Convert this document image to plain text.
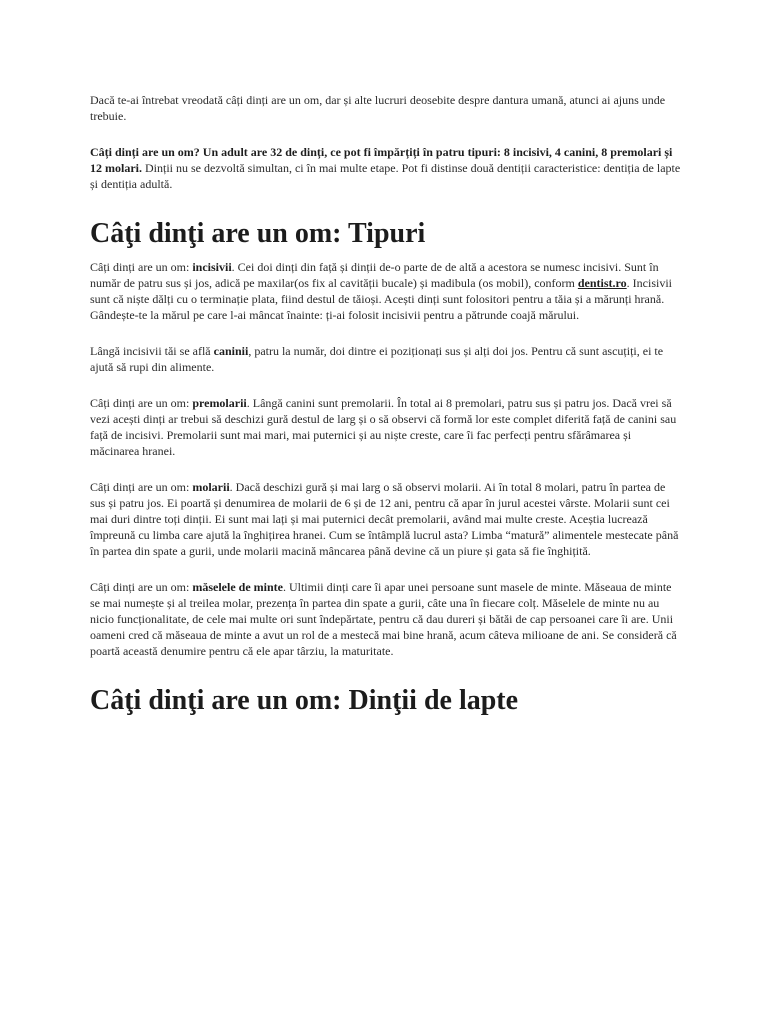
Dacă te-ai întrebat vreodată câți dinți are un om, dar și alte lucruri deosebite despre dantura umană, atunci ai ajuns unde trebuie.

Câți dinți are un om? Un adult are 32 de dinți, ce pot fi împărțiți în patru tipuri: 8 incisivi, 4 canini, 8 premolari și 12 molari. Dinții nu se dezvoltă simultan, ci în mai multe etape. Pot fi distinse două dentiții caracteristice: dentiția de lapte și dentiția adultă.

Câţi dinţi are un om: Tipuri

Câți dinți are un om: incisivii. Cei doi dinți din față și dinții de-o parte de de altă a acestora se numesc incisivi. Sunt în număr de patru sus și jos, adică pe maxilar(os fix al cavității bucale) și madibula (os mobil), conform dentist.ro. Incisivii sunt că niște dălți cu o terminație plata, fiind destul de tăioși. Acești dinți sunt folositori pentru a tăia și a mărunți hrană. Gândește-te la mărul pe care l-ai mâncat înainte: ți-ai folosit incisivii pentru a pătrunde coajă mărului.

Lângă incisivii tăi se află caninii, patru la număr, doi dintre ei poziționați sus și alți doi jos. Pentru că sunt ascuțiți, ei te ajută să rupi din alimente.

Câți dinți are un om: premolarii. Lângă canini sunt premolarii. În total ai 8 premolari, patru sus și patru jos. Dacă vrei să vezi acești dinți ar trebui să deschizi gură destul de larg și o să observi că formă lor este complet diferită față de canini sau față de incisivi. Premolarii sunt mai mari, mai puternici și au niște creste, care îi fac perfecți pentru sfărâmarea și măcinarea hranei.

Câți dinți are un om: molarii. Dacă deschizi gură și mai larg o să observi molarii. Ai în total 8 molari, patru în partea de sus și patru jos. Ei poartă și denumirea de molarii de 6 și de 12 ani, pentru că apar în jurul acestei vârste. Molarii sunt cei mai duri dintre toți dinții. Ei sunt mai lați și mai puternici decât premolarii, având mai multe creste. Aceștia lucrează împreună cu limba care ajută la înghițirea hranei. Cum se întâmplă lucrul asta? Limba “matură” alimentele mestecate până în partea din spate a gurii, unde molarii macină mâncarea până devine că un piure și gata să fie înghițită.

Câți dinți are un om: măselele de minte. Ultimii dinți care îi apar unei persoane sunt masele de minte. Măseaua de minte se mai numește și al treilea molar, prezența în partea din spate a gurii, câte una în fiecare colț. Măselele de minte nu au nicio funcționalitate, de cele mai multe ori sunt îndepărtate, pentru că dau dureri și bătăi de cap persoanei care îi are. Unii oameni cred că măseaua de minte a avut un rol de a mestecă mai bine hrană, acum câteva milioane de ani. Se consideră că poartă această denumire pentru că ele apar târziu, la maturitate.

Câţi dinţi are un om: Dinţii de lapte
